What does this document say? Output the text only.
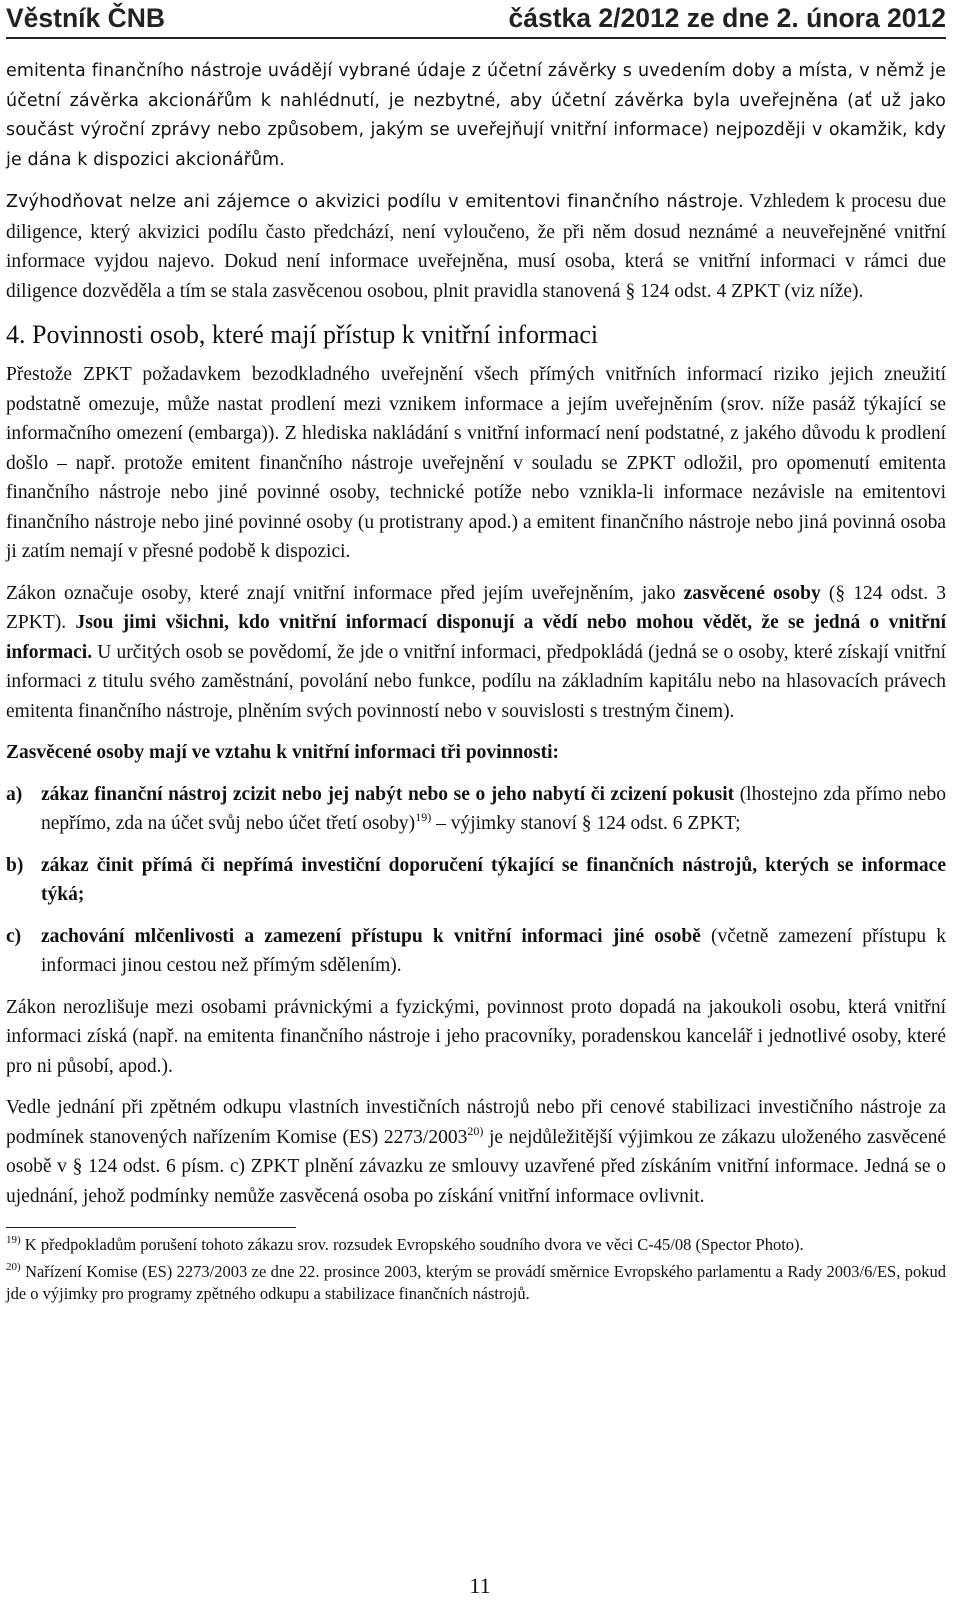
Věstník ČNB	částka 2/2012 ze dne 2. února 2012

emitenta finančního nástroje uvádějí vybrané údaje z účetní závěrky s uvedením doby a místa, v němž je účetní závěrka akcionářům k nahlédnutí, je nezbytné, aby účetní závěrka byla uveřejněna (ať už jako součást výroční zprávy nebo způsobem, jakým se uveřejňují vnitřní informace) nejpozději v okamžik, kdy je dána k dispozici akcionářům.

Zvýhodňovat nelze ani zájemce o akvizici podílu v emitentovi finančního nástroje. Vzhledem k procesu due diligence, který akvizici podílu často předchází, není vyloučeno, že při něm dosud neznámé a neuveřejněné vnitřní informace vyjdou najevo. Dokud není informace uveřejněna, musí osoba, která se vnitřní informaci v rámci due diligence dozvěděla a tím se stala zasvěcenou osobou, plnit pravidla stanovená § 124 odst. 4 ZPKT (viz níže).

4. Povinnosti osob, které mají přístup k vnitřní informaci

Přestože ZPKT požadavkem bezodkladného uveřejnění všech přímých vnitřních informací riziko jejich zneužití podstatně omezuje, může nastat prodlení mezi vznikem informace a jejím uveřejněním (srov. níže pasáž týkající se informačního omezení (embarga)). Z hlediska nakládání s vnitřní informací není podstatné, z jakého důvodu k prodlení došlo – např. protože emitent finančního nástroje uveřejnění v souladu se ZPKT odložil, pro opomenutí emitenta finančního nástroje nebo jiné povinné osoby, technické potíže nebo vznikla-li informace nezávisle na emitentovi finančního nástroje nebo jiné povinné osoby (u protistrany apod.) a emitent finančního nástroje nebo jiná povinná osoba ji zatím nemají v přesné podobě k dispozici.

Zákon označuje osoby, které znají vnitřní informace před jejím uveřejněním, jako zasvěcené osoby (§ 124 odst. 3 ZPKT). Jsou jimi všichni, kdo vnitřní informací disponují a vědí nebo mohou vědět, že se jedná o vnitřní informaci. U určitých osob se povědomí, že jde o vnitřní informaci, předpokládá (jedná se o osoby, které získají vnitřní informaci z titulu svého zaměstnání, povolání nebo funkce, podílu na základním kapitálu nebo na hlasovacích právech emitenta finančního nástroje, plněním svých povinností nebo v souvislosti s trestným činem).

Zasvěcené osoby mají ve vztahu k vnitřní informaci tři povinnosti:

a) zákaz finanční nástroj zcizit nebo jej nabýt nebo se o jeho nabytí či zcizení pokusit (lhostejno zda přímo nebo nepřímo, zda na účet svůj nebo účet třetí osoby)$^{19)}$ – výjimky stanoví § 124 odst. 6 ZPKT;
b) zákaz činit přímá či nepřímá investiční doporučení týkající se finančních nástrojů, kterých se informace týká;
c)	zachování mlčenlivosti a zamezení přístupu k vnitřní informaci jiné osobě (včetně zamezení přístupu k informaci jinou cestou než přímým sdělením).

Zákon nerozlišuje mezi osobami právnickými a fyzickými, povinnost proto dopadá na jakoukoli osobu, která vnitřní informaci získá (např. na emitenta finančního nástroje i jeho pracovníky, poradenskou kancelář i jednotlivé osoby, které pro ni působí, apod.).

Vedle jednání při zpětném odkupu vlastních investičních nástrojů nebo při cenové stabilizaci investičního nástroje za podmínek stanovených nařízením Komise (ES) 2273/2003$^{20)}$ je nejdůležitější výjimkou ze zákazu uloženého zasvěcené osobě v § 124 odst. 6 písm. c) ZPKT plnění závazku ze smlouvy uzavřené před získáním vnitřní informace. Jedná se o ujednání, jehož podmínky nemůže zasvěcená osoba po získání vnitřní informace ovlivnit.

$^{19)}$ K předpokladům porušení tohoto zákazu srov. rozsudek Evropského soudního dvora ve věci C-45/08 (Spector Photo).

$^{20)}$ Nařízení Komise (ES) 2273/2003 ze dne 22. prosince 2003, kterým se provádí směrnice Evropského parlamentu a Rady 2003/6/ES, pokud jde o výjimky pro programy zpětného odkupu a stabilizace finančních nástrojů.

11
